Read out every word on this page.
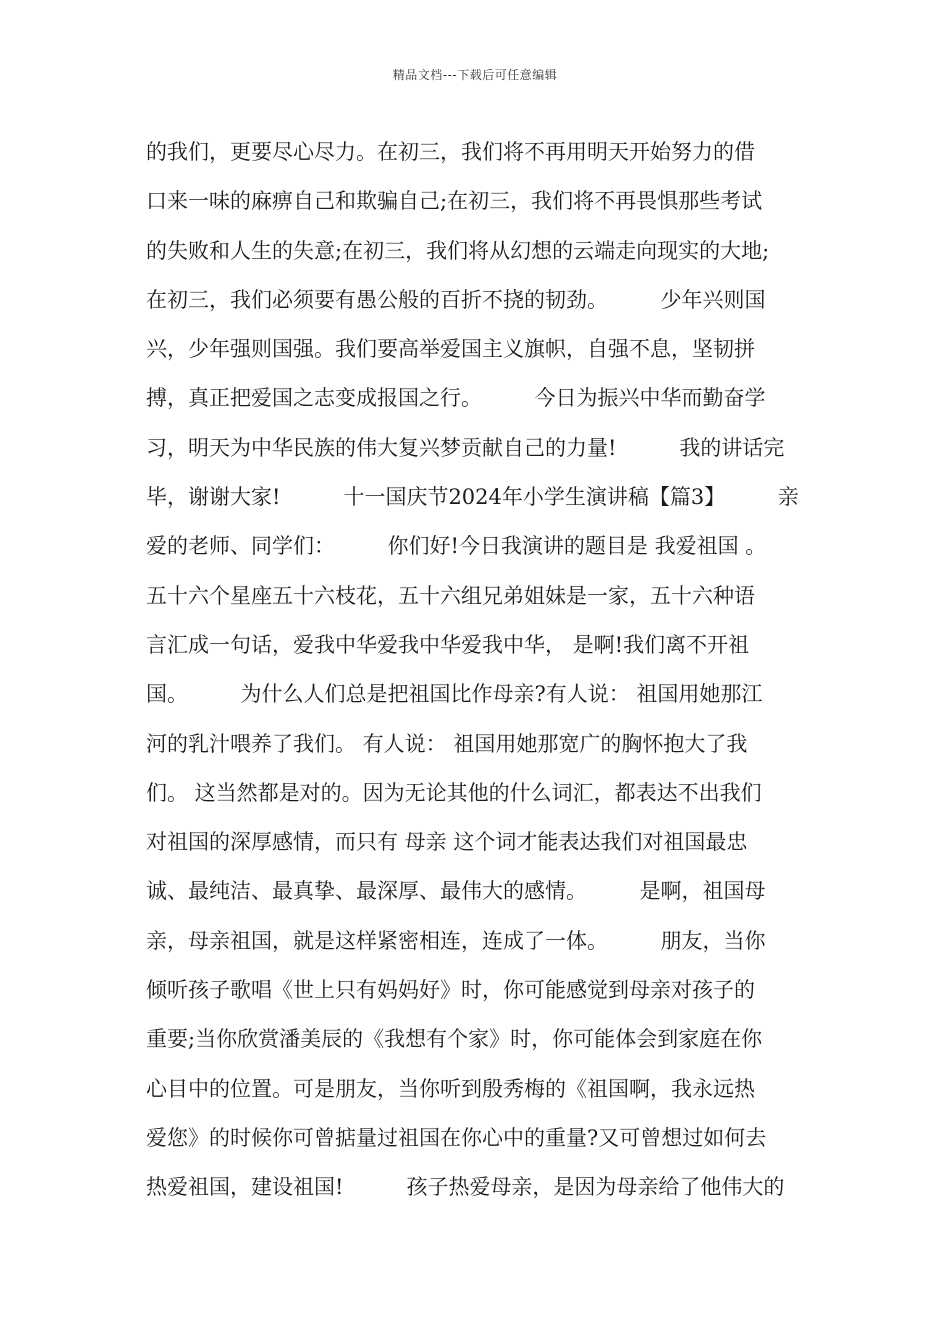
精品文档---下载后可任意编辑
的我们，更要尽心尽力。在初三，我们将不再用明天开始努力的借
口来一味的麻痹自己和欺骗自己;在初三，我们将不再畏惧那些考试
的失败和人生的失意;在初三，我们将从幻想的云端走向现实的大地;
在初三，我们必须要有愚公般的百折不挠的韧劲。　　　少年兴则国
兴，少年强则国强。我们要高举爱国主义旗帜，自强不息，坚韧拼
搏，真正把爱国之志变成报国之行。　　　今日为振兴中华而勤奋学
习，明天为中华民族的伟大复兴梦贡献自己的力量!　　　我的讲话完
毕，谢谢大家!　　　十一国庆节2024年小学生演讲稿【篇3】　　　亲
爱的老师、同学们：　　　你们好!今日我演讲的题目是 我爱祖国 。
五十六个星座五十六枝花，五十六组兄弟姐妹是一家，五十六种语
言汇成一句话，爱我中华爱我中华爱我中华， 是啊!我们离不开祖
国。　　　为什么人们总是把祖国比作母亲?有人说： 祖国用她那江
河的乳汁喂养了我们。 有人说： 祖国用她那宽广的胸怀抱大了我
们。 这当然都是对的。因为无论其他的什么词汇，都表达不出我们
对祖国的深厚感情，而只有 母亲 这个词才能表达我们对祖国最忠
诚、最纯洁、最真挚、最深厚、最伟大的感情。　　　是啊，祖国母
亲，母亲祖国，就是这样紧密相连，连成了一体。　　　朋友，当你
倾听孩子歌唱《世上只有妈妈好》时，你可能感觉到母亲对孩子的
重要;当你欣赏潘美辰的《我想有个家》时，你可能体会到家庭在你
心目中的位置。可是朋友，当你听到殷秀梅的《祖国啊，我永远热
爱您》的时候你可曾掂量过祖国在你心中的重量?又可曾想过如何去
热爱祖国，建设祖国!　　　孩子热爱母亲，是因为母亲给了他伟大的
